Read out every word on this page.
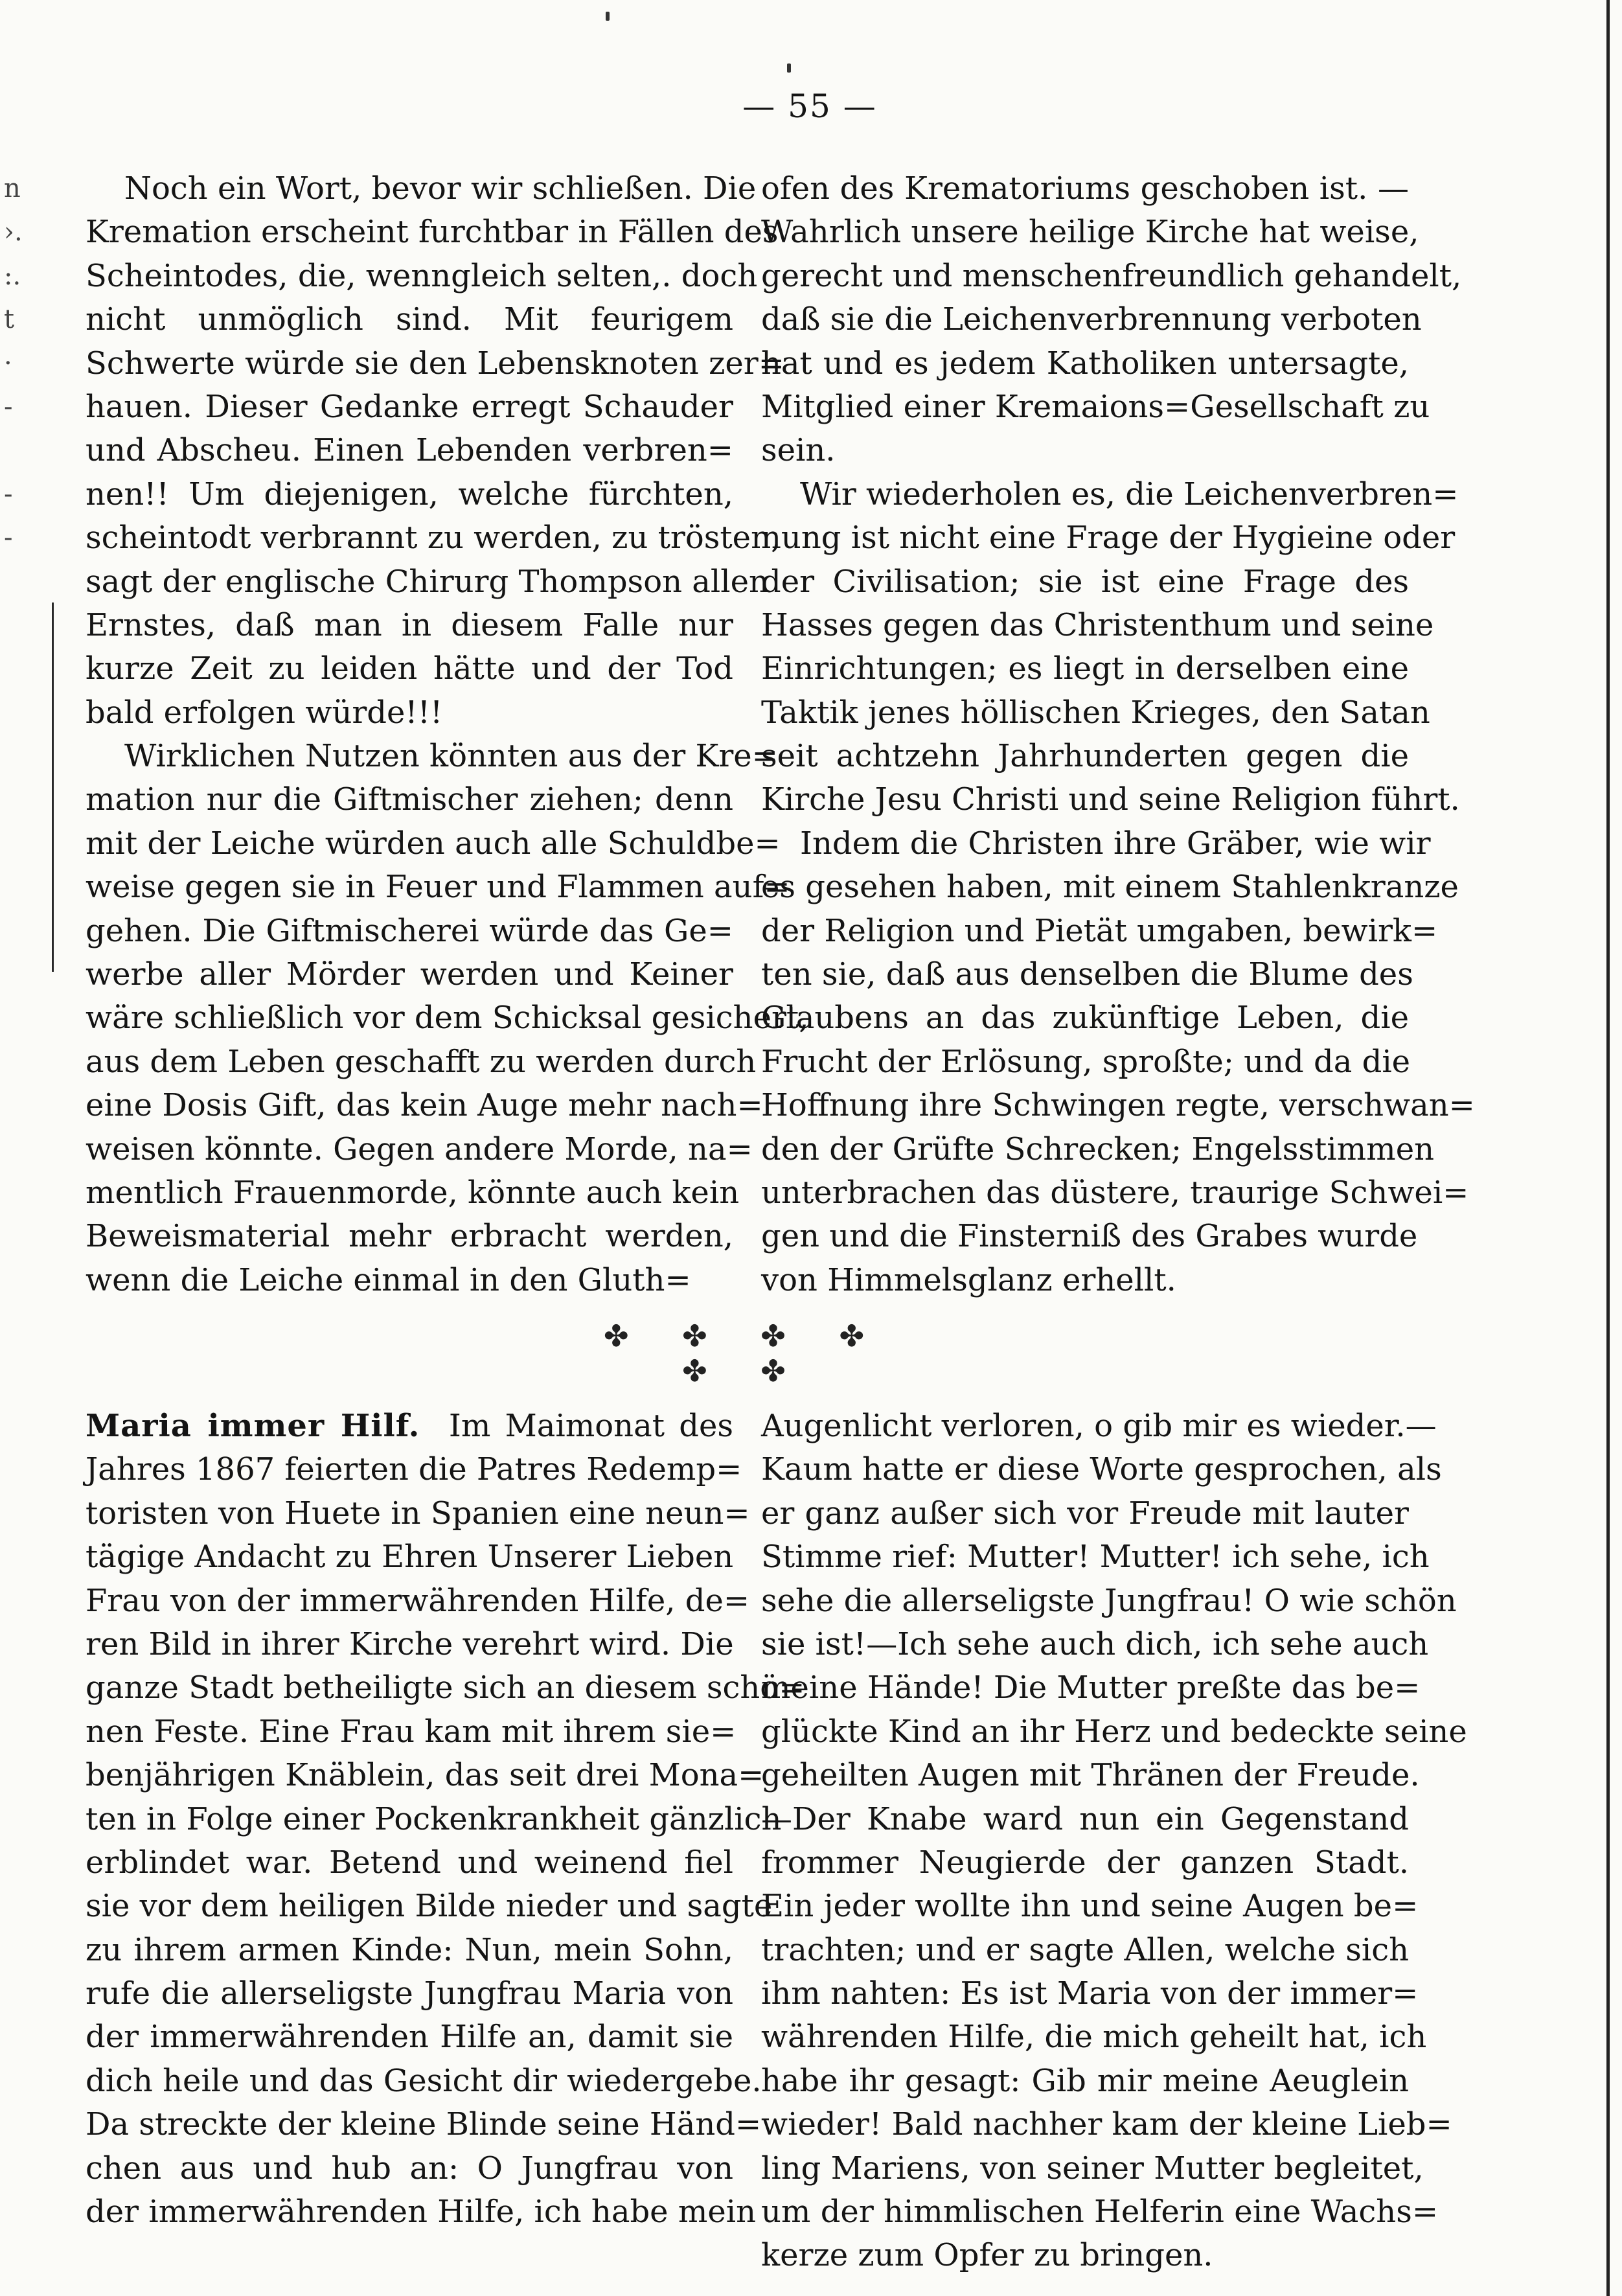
— 55 —
n
›.
:.
t
·
-
-
-
Noch ein Wort, bevor wir schließen. Die
Kremation erscheint furchtbar in Fällen des
Scheintodes, die, wenngleich selten,. doch
nicht unmöglich sind. Mit feurigem
Schwerte würde sie den Lebensknoten zer=
hauen. Dieser Gedanke erregt Schauder
und Abscheu. Einen Lebenden verbren=
nen!! Um diejenigen, welche fürchten,
scheintodt verbrannt zu werden, zu trösten,
sagt der englische Chirurg Thompson allen
Ernstes, daß man in diesem Falle nur
kurze Zeit zu leiden hätte und der Tod
bald erfolgen würde!!!
Wirklichen Nutzen könnten aus der Kre=
mation nur die Giftmischer ziehen; denn
mit der Leiche würden auch alle Schuldbe=
weise gegen sie in Feuer und Flammen auf=
gehen. Die Giftmischerei würde das Ge=
werbe aller Mörder werden und Keiner
wäre schließlich vor dem Schicksal gesichert,
aus dem Leben geschafft zu werden durch
eine Dosis Gift, das kein Auge mehr nach=
weisen könnte. Gegen andere Morde, na=
mentlich Frauenmorde, könnte auch kein
Beweismaterial mehr erbracht werden,
wenn die Leiche einmal in den Gluth=
ofen des Krematoriums geschoben ist. —
Wahrlich unsere heilige Kirche hat weise,
gerecht und menschenfreundlich gehandelt,
daß sie die Leichenverbrennung verboten
hat und es jedem Katholiken untersagte,
Mitglied einer Kremaions=Gesellschaft zu
sein.
Wir wiederholen es, die Leichenverbren=
nung ist nicht eine Frage der Hygieine oder
der Civilisation; sie ist eine Frage des
Hasses gegen das Christenthum und seine
Einrichtungen; es liegt in derselben eine
Taktik jenes höllischen Krieges, den Satan
seit achtzehn Jahrhunderten gegen die
Kirche Jesu Christi und seine Religion führt.
Indem die Christen ihre Gräber, wie wir
es gesehen haben, mit einem Stahlenkranze
der Religion und Pietät umgaben, bewirk=
ten sie, daß aus denselben die Blume des
Glaubens an das zukünftige Leben, die
Frucht der Erlösung, sproßte; und da die
Hoffnung ihre Schwingen regte, verschwan=
den der Grüfte Schrecken; Engelsstimmen
unterbrachen das düstere, traurige Schwei=
gen und die Finsterniß des Grabes wurde
von Himmelsglanz erhellt.
✤ ✤ ✤ ✤ ✤ ✤
Maria immer Hilf. Im Maimonat des
Jahres 1867 feierten die Patres Redemp=
toristen von Huete in Spanien eine neun=
tägige Andacht zu Ehren Unserer Lieben
Frau von der immerwährenden Hilfe, de=
ren Bild in ihrer Kirche verehrt wird. Die
ganze Stadt betheiligte sich an diesem schö=
nen Feste. Eine Frau kam mit ihrem sie=
benjährigen Knäblein, das seit drei Mona=
ten in Folge einer Pockenkrankheit gänzlich
erblindet war. Betend und weinend fiel
sie vor dem heiligen Bilde nieder und sagte
zu ihrem armen Kinde: Nun, mein Sohn,
rufe die allerseligste Jungfrau Maria von
der immerwährenden Hilfe an, damit sie
dich heile und das Gesicht dir wiedergebe.
Da streckte der kleine Blinde seine Händ=
chen aus und hub an: O Jungfrau von
der immerwährenden Hilfe, ich habe mein
Augenlicht verloren, o gib mir es wieder.—
Kaum hatte er diese Worte gesprochen, als
er ganz außer sich vor Freude mit lauter
Stimme rief: Mutter! Mutter! ich sehe, ich
sehe die allerseligste Jungfrau! O wie schön
sie ist!—Ich sehe auch dich, ich sehe auch
meine Hände! Die Mutter preßte das be=
glückte Kind an ihr Herz und bedeckte seine
geheilten Augen mit Thränen der Freude.
—Der Knabe ward nun ein Gegenstand
frommer Neugierde der ganzen Stadt.
Ein jeder wollte ihn und seine Augen be=
trachten; und er sagte Allen, welche sich
ihm nahten: Es ist Maria von der immer=
währenden Hilfe, die mich geheilt hat, ich
habe ihr gesagt: Gib mir meine Aeuglein
wieder! Bald nachher kam der kleine Lieb=
ling Mariens, von seiner Mutter begleitet,
um der himmlischen Helferin eine Wachs=
kerze zum Opfer zu bringen.
